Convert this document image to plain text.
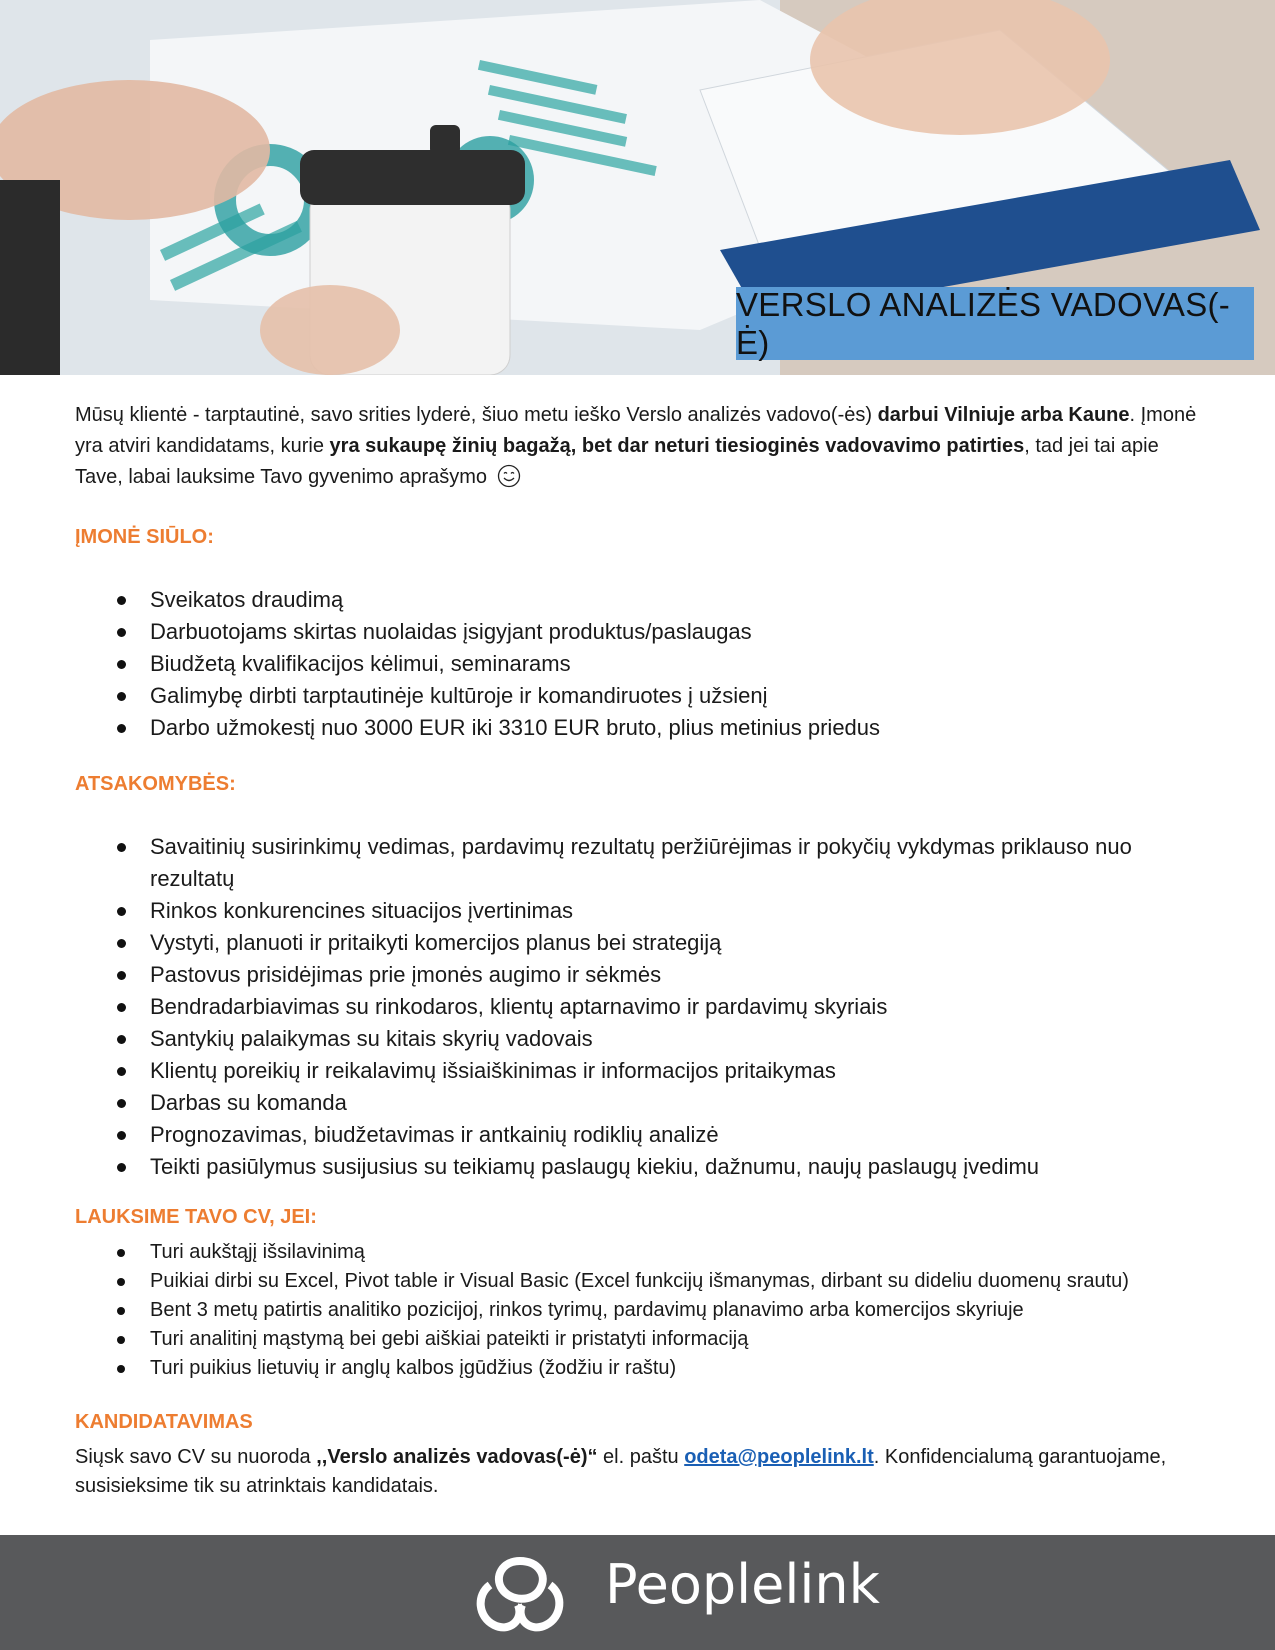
VERSLO ANALIZĖS VADOVAS(-Ė)

Mūsų klientė - tarptautinė, savo srities lyderė, šiuo metu ieško Verslo analizės vadovo(-ės) darbui Vilniuje arba Kaune. Įmonė yra atviri kandidatams, kurie yra sukaupę žinių bagažą, bet dar neturi tiesioginės vadovavimo patirties, tad jei tai apie Tave, labai lauksime Tavo gyvenimo aprašymo

ĮMONĖ SIŪLO:
Sveikatos draudimą
Darbuotojams skirtas nuolaidas įsigyjant produktus/paslaugas
Biudžetą kvalifikacijos kėlimui, seminarams
Galimybę dirbti tarptautinėje kultūroje ir komandiruotes į užsienį
Darbo užmokestį nuo 3000 EUR iki 3310 EUR bruto, plius metinius priedus
ATSAKOMYBĖS:
Savaitinių susirinkimų vedimas, pardavimų rezultatų peržiūrėjimas ir pokyčių vykdymas priklauso nuo rezultatų
Rinkos konkurencines situacijos įvertinimas
Vystyti, planuoti ir pritaikyti komercijos planus bei strategiją
Pastovus prisidėjimas prie įmonės augimo ir sėkmės
Bendradarbiavimas su rinkodaros, klientų aptarnavimo ir pardavimų skyriais
Santykių palaikymas su kitais skyrių vadovais
Klientų poreikių ir reikalavimų išsiaiškinimas ir informacijos pritaikymas
Darbas su komanda
Prognozavimas, biudžetavimas ir antkainių rodiklių analizė
Teikti pasiūlymus susijusius su teikiamų paslaugų kiekiu, dažnumu, naujų paslaugų įvedimu
LAUKSIME TAVO CV, JEI:
Turi aukštąjį išsilavinimą
Puikiai dirbi su Excel, Pivot table ir Visual Basic (Excel funkcijų išmanymas, dirbant su dideliu duomenų srautu)
Bent 3 metų patirtis analitiko pozicijoj, rinkos tyrimų, pardavimų planavimo arba komercijos skyriuje
Turi analitinį mąstymą bei gebi aiškiai pateikti ir pristatyti informaciją
Turi puikius lietuvių ir anglų kalbos įgūdžius (žodžiu ir raštu)
KANDIDATAVIMAS

Siųsk savo CV su nuoroda ,,Verslo analizės vadovas(-ė)“ el. paštu odeta@peoplelink.lt. Konfidencialumą garantuojame, susisieksime tik su atrinktais kandidatais.

Peoplelink
